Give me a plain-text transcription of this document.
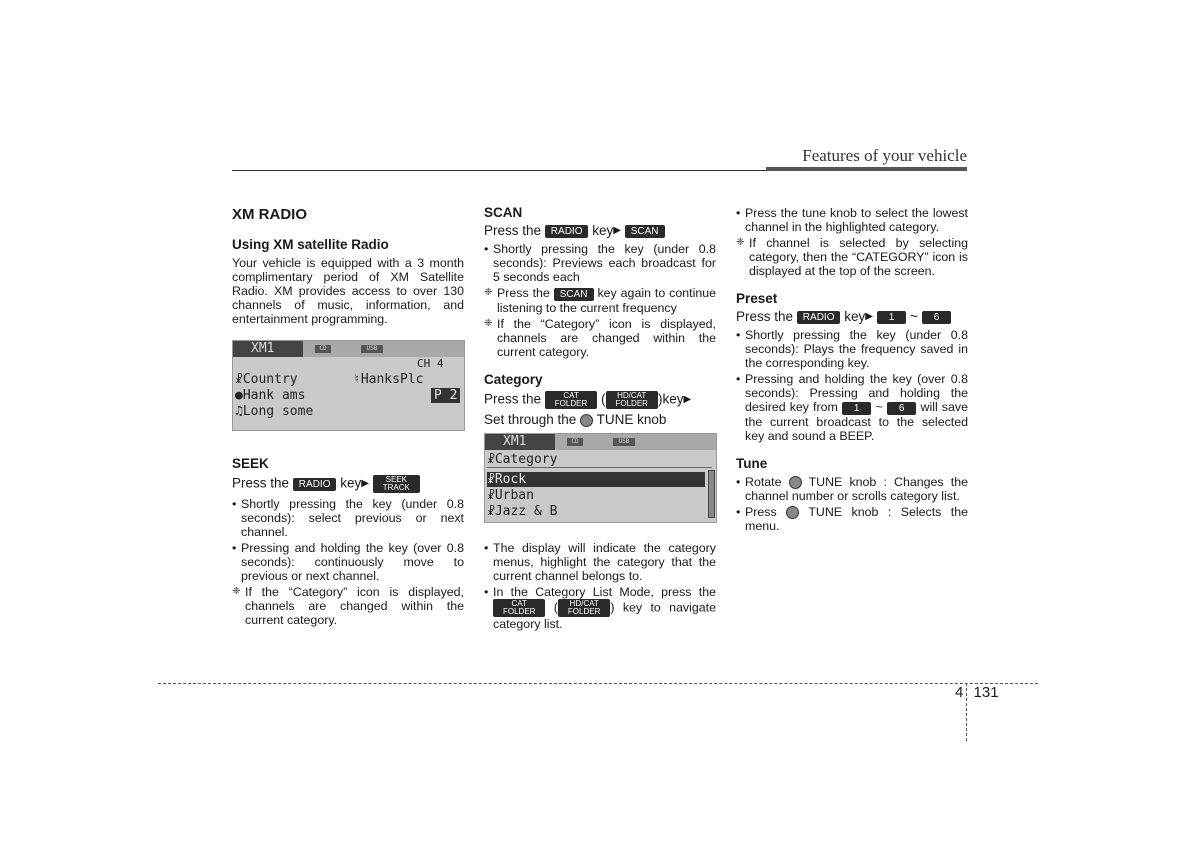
Features of your vehicle
XM RADIO
Using XM satellite Radio

Your vehicle is equipped with a 3 month complimentary period of XM Satellite Radio. XM provides access to over 130 channels of music, information, and entertainment programming.

XM1	CD	USB
CH 4
☧Country	♮HanksPlc
●Hank ams	P 2
♫Long some
SEEK
Press the RADIO key▶ SEEK
TRACK
• Shortly pressing the key (under 0.8 seconds): select previous or next channel.
• Pressing and holding the key (over 0.8 seconds): continuously move to previous or next channel.
❈ If the “Category” icon is displayed, channels are changed within the current category.
SCAN
Press the RADIO key▶ SCAN
• Shortly pressing the key (under 0.8 seconds): Previews each broadcast for 5 seconds each
❈ Press the SCAN key again to continue listening to the current frequency
❈ If the “Category” icon is displayed, channels are changed within the current category.
Category
Press the	CAT
FOLDER ( HD/CAT
FOLDER )key▶
Set through the TUNE knob
XM1	CD	USB
☧Category
☧Rock
☧Urban
☧Jazz & B
• The display will indicate the category menus, highlight the category that the current channel belongs to.
• In the Category List Mode, press the CAT
FOLDER ( HD/CAT
FOLDER ) key to navigate category list.
• Press the tune knob to select the lowest channel in the highlighted category.
❈ If channel is selected by selecting category, then the “CATEGORY” icon is displayed at the top of the screen.
Preset
Press the RADIO key▶ 1 ~ 6
• Shortly pressing the key (under 0.8 seconds): Plays the frequency saved in the corresponding key.
• Pressing and holding the key (over 0.8 seconds): Pressing and holding the desired key from 1 ~ 6 will save the current broadcast to the selected key and sound a BEEP.
Tune
• Rotate TUNE knob : Changes the channel number or scrolls category list.
• Press	TUNE knob : Selects the menu.
4 131
